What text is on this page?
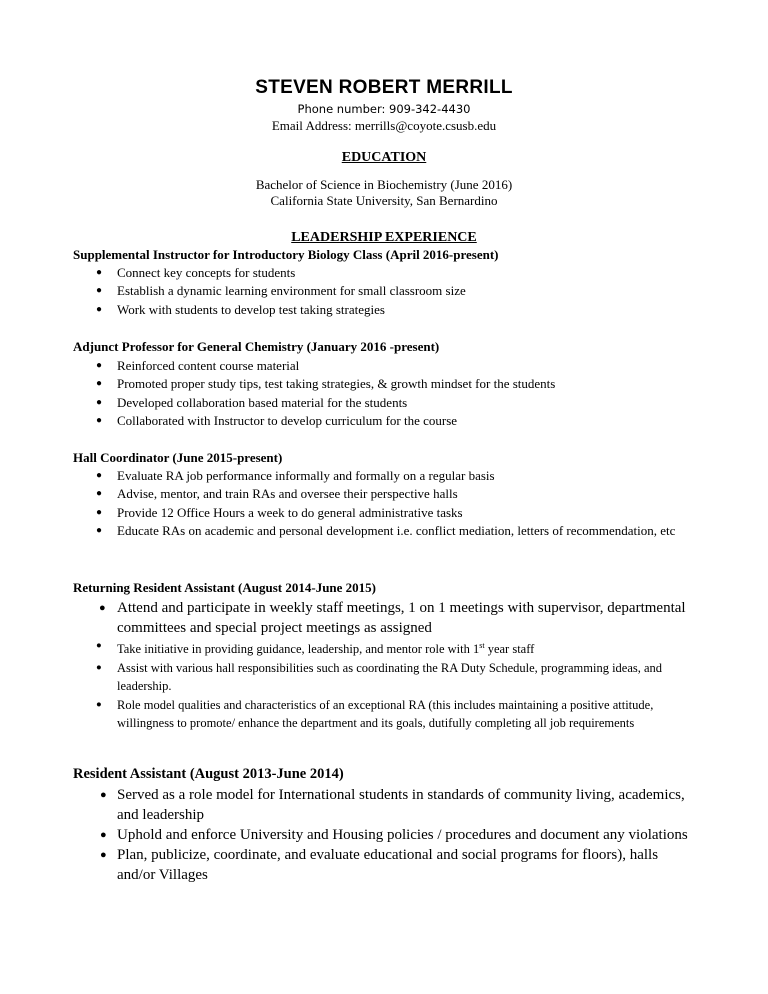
STEVEN ROBERT MERRILL
Phone number: 909-342-4430
Email Address: merrills@coyote.csusb.edu
EDUCATION
Bachelor of Science in Biochemistry (June 2016)
California State University, San Bernardino
LEADERSHIP EXPERIENCE
Supplemental Instructor for Introductory Biology Class (April 2016-present)
● Connect key concepts for students
● Establish a dynamic learning environment for small classroom size
● Work with students to develop test taking strategies
Adjunct Professor for General Chemistry (January 2016 -present)
● Reinforced content course material
● Promoted proper study tips, test taking strategies, & growth mindset for the students
● Developed collaboration based material for the students
● Collaborated with Instructor to develop curriculum for the course
Hall Coordinator (June 2015-present)
● Evaluate RA job performance informally and formally on a regular basis
● Advise, mentor, and train RAs and oversee their perspective halls
● Provide 12 Office Hours a week to do general administrative tasks
● Educate RAs on academic and personal development i.e. conflict mediation, letters of recommendation, etc
Returning Resident Assistant (August 2014-June 2015)
● Attend and participate in weekly staff meetings, 1 on 1 meetings with supervisor, departmental committees and special project meetings as assigned
● Take initiative in providing guidance, leadership, and mentor role with 1st year staff
● Assist with various hall responsibilities such as coordinating the RA Duty Schedule, programming ideas, and leadership.
● Role model qualities and characteristics of an exceptional RA (this includes maintaining a positive attitude, willingness to promote/ enhance the department and its goals, dutifully completing all job requirements
Resident Assistant (August 2013-June 2014)
● Served as a role model for International students in standards of community living, academics, and leadership
● Uphold and enforce University and Housing policies / procedures and document any violations
● Plan, publicize, coordinate, and evaluate educational and social programs for floors), halls and/or Villages
